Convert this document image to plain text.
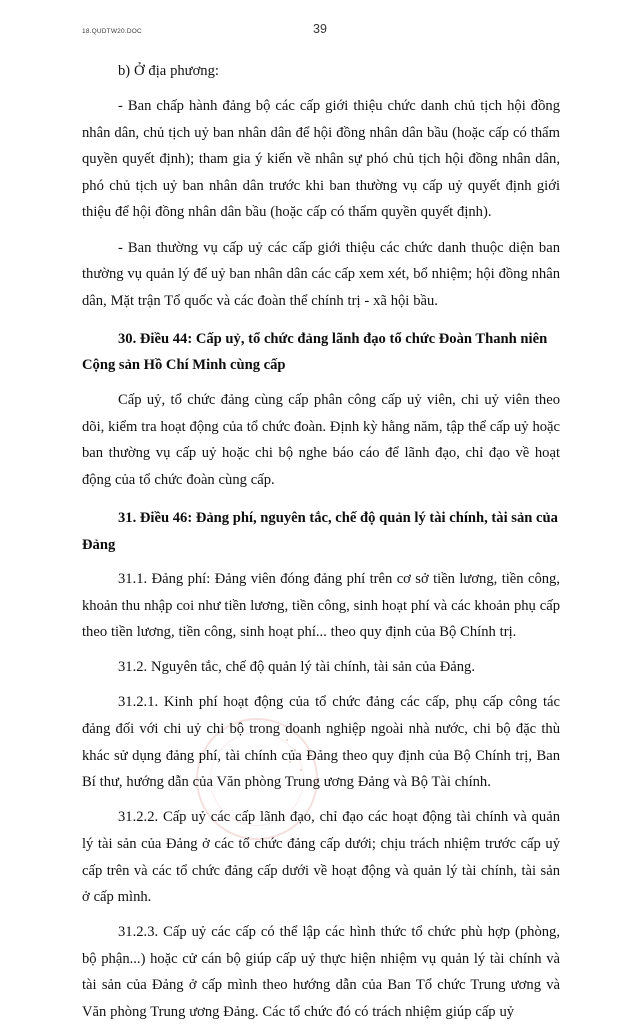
18.QUDTW20.DOC	39

b) Ở địa phương:

- Ban chấp hành đảng bộ các cấp giới thiệu chức danh chủ tịch hội đồng nhân dân, chủ tịch uỷ ban nhân dân để hội đồng nhân dân bầu (hoặc cấp có thẩm quyền quyết định); tham gia ý kiến về nhân sự phó chủ tịch hội đồng nhân dân, phó chủ tịch uỷ ban nhân dân trước khi ban thường vụ cấp uỷ quyết định giới thiệu để hội đồng nhân dân bầu (hoặc cấp có thẩm quyền quyết định).

- Ban thường vụ cấp uỷ các cấp giới thiệu các chức danh thuộc diện ban thường vụ quản lý để uỷ ban nhân dân các cấp xem xét, bổ nhiệm; hội đồng nhân dân, Mặt trận Tổ quốc và các đoàn thể chính trị - xã hội bầu.

30. Điều 44: Cấp uỷ, tổ chức đảng lãnh đạo tổ chức Đoàn Thanh niên Cộng sản Hồ Chí Minh cùng cấp

Cấp uỷ, tổ chức đảng cùng cấp phân công cấp uỷ viên, chi uỷ viên theo dõi, kiểm tra hoạt động của tổ chức đoàn. Định kỳ hằng năm, tập thể cấp uỷ hoặc ban thường vụ cấp uỷ hoặc chi bộ nghe báo cáo để lãnh đạo, chỉ đạo về hoạt động của tổ chức đoàn cùng cấp.

31. Điều 46: Đảng phí, nguyên tắc, chế độ quản lý tài chính, tài sản của Đảng

31.1. Đảng phí: Đảng viên đóng đảng phí trên cơ sở tiền lương, tiền công, khoản thu nhập coi như tiền lương, tiền công, sinh hoạt phí và các khoản phụ cấp theo tiền lương, tiền công, sinh hoạt phí... theo quy định của Bộ Chính trị.

31.2. Nguyên tắc, chế độ quản lý tài chính, tài sản của Đảng.

31.2.1. Kinh phí hoạt động của tổ chức đảng các cấp, phụ cấp công tác đảng đối với chi uỷ chi bộ trong doanh nghiệp ngoài nhà nước, chi bộ đặc thù khác sử dụng đảng phí, tài chính của Đảng theo quy định của Bộ Chính trị, Ban Bí thư, hướng dẫn của Văn phòng Trung ương Đảng và Bộ Tài chính.

31.2.2. Cấp uỷ các cấp lãnh đạo, chỉ đạo các hoạt động tài chính và quản lý tài sản của Đảng ở các tổ chức đảng cấp dưới; chịu trách nhiệm trước cấp uỷ cấp trên và các tổ chức đảng cấp dưới về hoạt động và quản lý tài chính, tài sản ở cấp mình.

31.2.3. Cấp uỷ các cấp có thể lập các hình thức tổ chức phù hợp (phòng, bộ phận...) hoặc cử cán bộ giúp cấp uỷ thực hiện nhiệm vụ quản lý tài chính và tài sản của Đảng ở cấp mình theo hướng dẫn của Ban Tổ chức Trung ương và Văn phòng Trung ương Đảng. Các tổ chức đó có trách nhiệm giúp cấp uỷ
